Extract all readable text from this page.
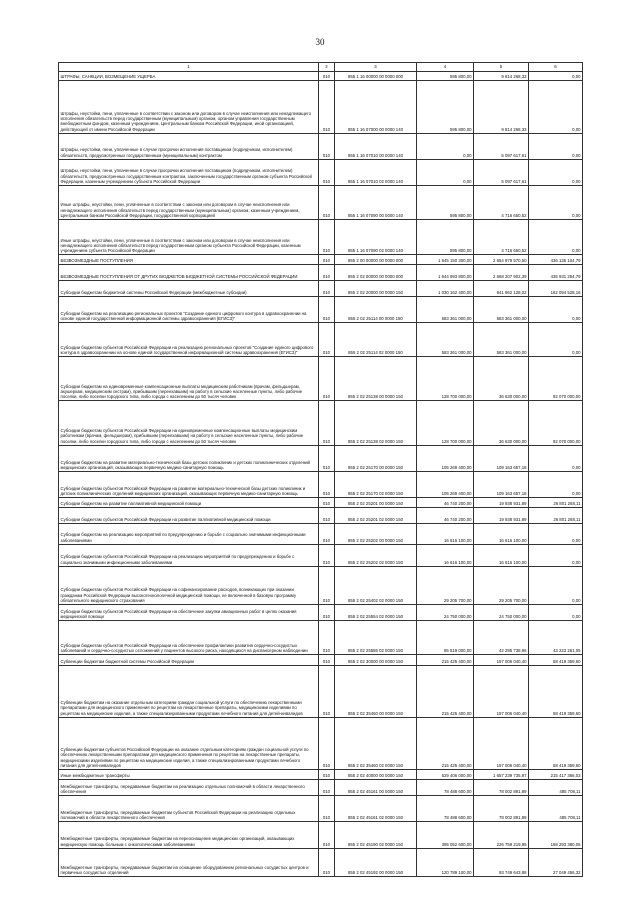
30
1	2	3	4	5	6
ШТРАФЫ, САНКЦИИ, ВОЗМЕЩЕНИЕ УЩЕРБА	010	855 1 16 00000 00 0000 000	595 800,00	9 814 268,33	0,00
Штрафы, неустойки, пени, уплаченные в соответствии с законом или договором в случае неисполнения или ненадлежащего исполнения обязательств перед государственным (муниципальным) органом, органом управления государственным внебюджетным фондом, казенным учреждением, Центральным банком Российской Федерации, иной организацией, действующей от имени Российской Федерации	010	855 1 16 07000 00 0000 140	595 800,00	9 814 268,33	0,00
Штрафы, неустойки, пени, уплаченные в случае просрочки исполнения поставщиком (подрядчиком, исполнителем) обязательств, предусмотренных государственным (муниципальным) контрактом	010	855 1 16 07010 00 0000 140	0,00	5 097 617,61	0,00
Штрафы, неустойки, пени, уплаченные в случае просрочки исполнения поставщиком (подрядчиком, исполнителем) обязательств, предусмотренных государственным контрактом, заключенным государственным органом субъекта Российской Федерации, казенным учреждением субъекта Российской Федерации	010	855 1 16 07010 02 0000 140	0,00	5 097 617,61	0,00
Иные штрафы, неустойки, пени, уплаченные в соответствии с законом или договором в случае неисполнения или ненадлежащего исполнения обязательств перед государственным (муниципальным) органом, казенным учреждением, Центральным банком Российской Федерации, государственной корпорацией	010	855 1 16 07090 00 0000 140	595 800,00	4 716 650,52	0,00
Иные штрафы, неустойки, пени, уплаченные в соответствии с законом или договором в случае неисполнения или ненадлежащего исполнения обязательств перед государственным органом субъекта Российской Федерации, казенным учреждением субъекта Российской Федерации	010	855 1 16 07090 02 0000 140	595 800,00	4 716 650,52	0,00
БЕЗВОЗМЕЗДНЫЕ ПОСТУПЛЕНИЯ	010	855 2 00 00000 00 0000 000	1 645 150 300,00	2 654 979 570,50	436 135 104,79
БЕЗВОЗМЕЗДНЫЕ ПОСТУПЛЕНИЯ ОТ ДРУГИХ БЮДЖЕТОВ БЮДЖЕТНОЙ СИСТЕМЫ РОССИЙСКОЙ ФЕДЕРАЦИИ	010	855 2 02 00000 00 0000 000	1 644 993 800,00	2 668 207 902,39	435 931 254,79
Субсидии бюджетам бюджетной системы Российской Федерации (межбюджетные субсидии)	010	855 2 02 20000 00 0000 150	1 030 162 400,00	841 962 128,02	162 094 528,16
Субсидии бюджетам на реализацию региональных проектов "Создание единого цифрового контура в здравоохранении на основе единой государственной информационной системы здравоохранения (ЕГИСЗ)"	010	855 2 02 25114 00 0000 150	583 361 000,00	583 361 000,00	0,00
Субсидии бюджетам субъектов Российской Федерации на реализацию региональных проектов "Создание единого цифрового контура в здравоохранении на основе единой государственной информационной системы здравоохранения (ЕГИСЗ)"	010	855 2 02 25114 02 0000 150	583 361 000,00	583 361 000,00	0,00
Субсидии бюджетам на единовременные компенсационные выплаты медицинским работникам (врачам, фельдшерам, акушеркам, медицинским сестрам), прибывшим (переехавшим) на работу в сельские населенные пункты, либо рабочие поселки, либо поселки городского типа, либо города с населением до 50 тысяч человек	010	855 2 02 25138 00 0000 150	128 700 000,00	36 630 000,00	92 070 000,00
Субсидии бюджетам субъектов Российской Федерации на единовременные компенсационные выплаты медицинским работникам (врачам, фельдшерам), прибывшим (переехавшим) на работу в сельские населенные пункты, либо рабочие поселки, либо поселки городского типа, либо города с населением до 50 тысяч человек	010	855 2 02 25138 02 0000 150	128 700 000,00	36 630 000,00	92 070 000,00
Субсидии бюджетам на развитие материально-технической базы детских поликлиник и детских поликлинических отделений медицинских организаций, оказывающих первичную медико-санитарную помощь	010	855 2 02 25170 00 0000 150	105 269 400,00	109 163 657,18	0,00
Субсидии бюджетам субъектов Российской Федерации на развитие материально-технической базы детских поликлиник и детских поликлинических отделений медицинских организаций, оказывающих первичную медико-санитарную помощь	010	855 2 02 25170 02 0000 150	105 269 400,00	109 163 657,18	0,00
Субсидии бюджетам на развитие паллиативной медицинской помощи	010	855 2 02 25201 00 0000 150	46 740 200,00	19 938 931,89	26 801 268,11
Субсидии бюджетам субъектов Российской Федерации на развитие паллиативной медицинской помощи	010	855 2 02 25201 02 0000 150	46 740 200,00	19 938 931,89	26 801 268,11
Субсидии бюджетам на реализацию мероприятий по предупреждению и борьбе с социально значимыми инфекционными заболеваниями	010	855 2 02 25202 00 0000 150	16 616 100,00	16 616 100,00	0,00
Субсидии бюджетам субъектов Российской Федерации на реализацию мероприятий по предупреждению и борьбе с социально значимыми инфекционными заболеваниями	010	855 2 02 25202 02 0000 150	16 616 100,00	16 616 100,00	0,00
Субсидии бюджетам субъектов Российской Федерации на софинансирование расходов, возникающих при оказании гражданам Российской Федерации высокотехнологичной медицинской помощи, не включенной в базовую программу обязательного медицинского страхования	010	855 2 02 25402 02 0000 150	29 205 700,00	29 205 700,00	0,00
Субсидии бюджетам субъектов Российской Федерации на обеспечение закупки авиационных работ в целях оказания медицинской помощи	010	855 2 02 25554 02 0000 150	24 750 000,00	24 750 000,00	0,00
Субсидии бюджетам субъектов Российской Федерации на обеспечение профилактики развития сердечно-сосудистых заболеваний и сердечно-сосудистых осложнений у пациентов высокого риска, находящихся на диспансерном наблюдении	010	855 2 02 25586 02 0000 150	85 519 000,00	42 295 738,96	43 223 261,05
Субвенции бюджетам бюджетной системы Российской Федерации	010	855 2 02 30000 00 0000 150	215 425 400,00	157 006 040,40	58 419 359,60
Субвенции бюджетам на оказание отдельным категориям граждан социальной услуги по обеспечению лекарственными препаратами для медицинского применения по рецептам на лекарственные препараты, медицинскими изделиями по рецептам на медицинские изделия, а также специализированными продуктами лечебного питания для детей-инвалидов	010	855 2 02 35460 00 0000 150	215 425 400,00	157 006 040,40	58 419 359,60
Субвенции бюджетам субъектов Российской Федерации на оказание отдельным категориям граждан социальной услуги по обеспечению лекарственными препаратами для медицинского применения по рецептам на лекарственные препараты, медицинскими изделиями по рецептам на медицинские изделия, а также специализированными продуктами лечебного питания для детей-инвалидов	010	855 2 02 35460 02 0000 150	215 425 400,00	157 006 040,40	58 419 359,60
Иные межбюджетные трансферты	010	855 2 02 40000 00 0000 150	529 406 000,00	1 657 239 735,97	215 417 366,03
Межбюджетные трансферты, передаваемые бюджетам на реализацию отдельных полномочий в области лекарственного обеспечения	010	855 2 02 45161 00 0000 150	78 488 600,00	78 002 891,89	485 708,11
Межбюджетные трансферты, передаваемые бюджетам субъектов Российской Федерации на реализацию отдельных полномочий в области лекарственного обеспечения	010	855 2 02 45161 02 0000 150	78 488 600,00	78 002 891,89	485 708,11
Межбюджетные трансферты, передаваемые бюджетам на переоснащение медицинских организаций, оказывающих медицинскую помощь больным с онкологическими заболеваниями	010	855 2 02 45190 02 0000 150	395 052 600,00	226 759 219,95	168 293 380,05
Межбюджетные трансферты, передаваемые бюджетам на оснащение оборудованием региональных сосудистых центров и первичных сосудистых отделений	010	855 2 02 45192 00 0000 150	120 789 100,00	93 749 643,88	27 049 456,32
